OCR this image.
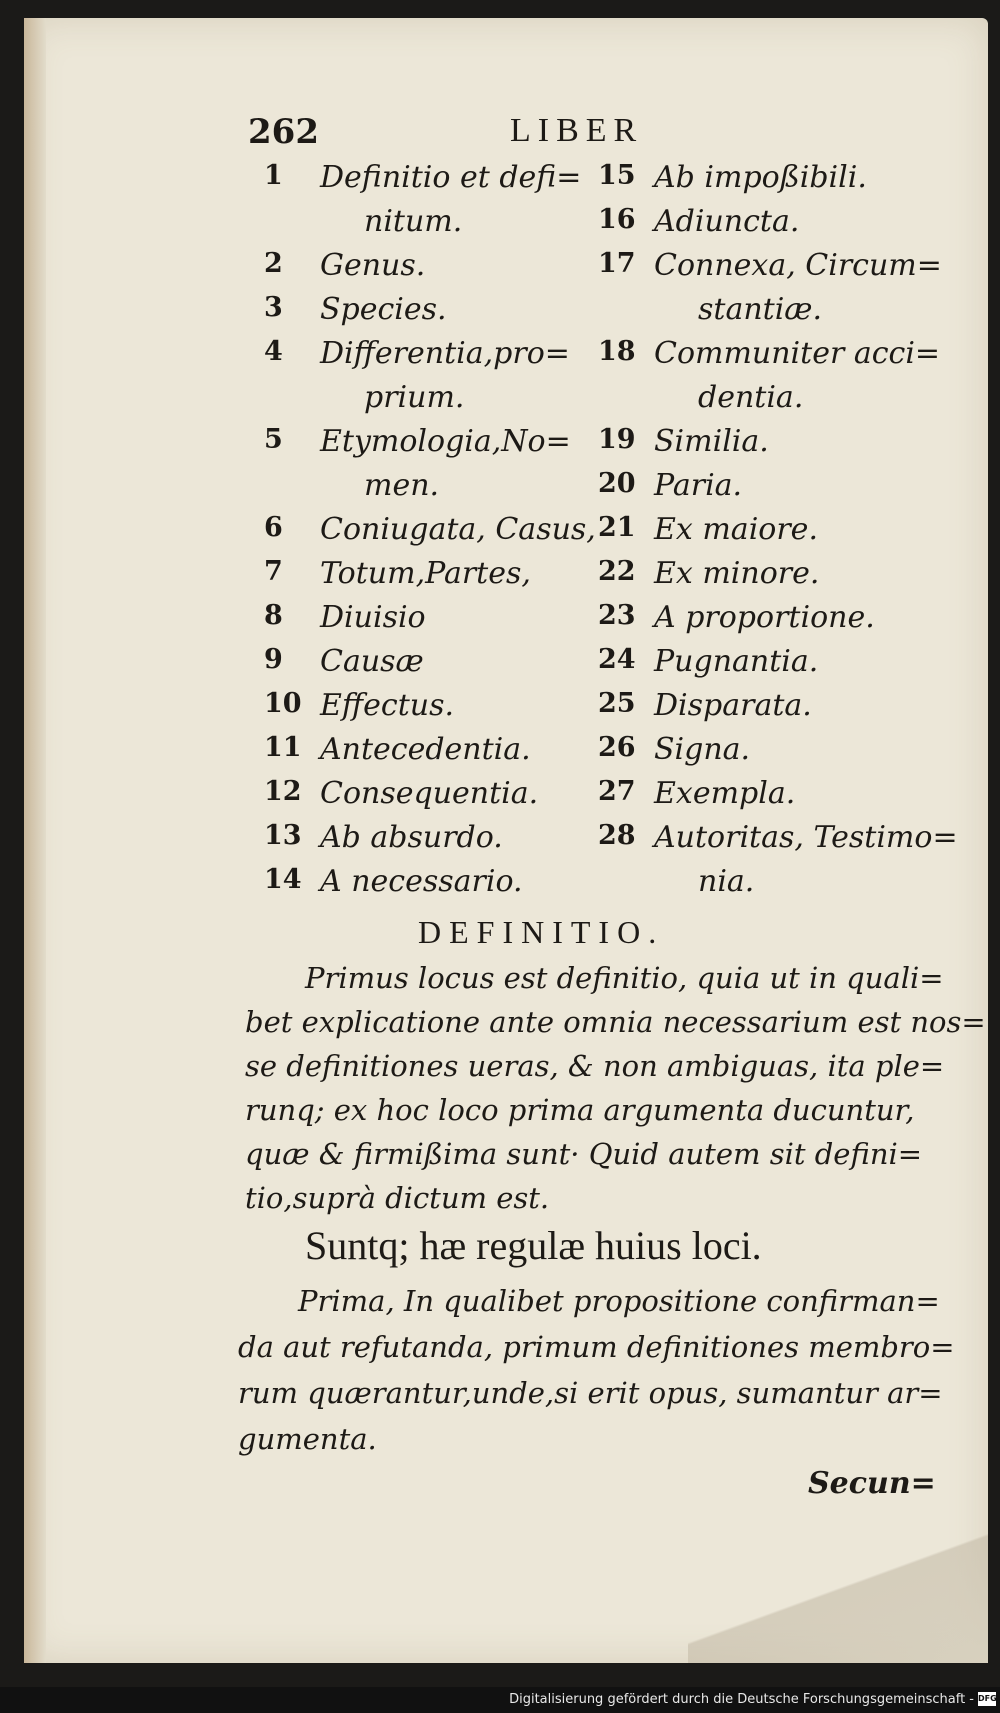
262	LIBER
1 Definitio et defi=
nitum.
2 Genus.
3 Species.
4 Differentia,pro=
prium.
5 Etymologia,No=
men.
6 Coniugata, Casus,
7 Totum,Partes,
8 Diuisio
9 Causæ
10 Effectus.
11 Antecedentia.
12 Consequentia.
13 Ab absurdo.
14 A necessario.
15 Ab impoßibili.
16 Adiuncta.
17 Connexa, Circum=
stantiæ.
18 Communiter acci=
dentia.
19 Similia.
20 Paria.
21 Ex maiore.
22 Ex minore.
23 A proportione.
24 Pugnantia.
25 Disparata.
26 Signa.
27 Exempla.
28 Autoritas, Testimo=
nia.
DEFINITIO.
Primus locus est definitio, quia ut in quali=
bet explicatione ante omnia necessarium est nos=
se definitiones ueras, & non ambiguas, ita ple=
runq; ex hoc loco prima argumenta ducuntur,
quæ & firmißima sunt· Quid autem sit defini=
tio,suprà dictum est.
Suntq; hæ regulæ huius loci.
Prima, In qualibet propositione confirman=
da aut refutanda, primum definitiones membro=
rum quærantur,unde,si erit opus, sumantur ar=
gumenta.
Secun=
Digitalisierung gefördert durch die Deutsche Forschungsgemeinschaft - DFG
